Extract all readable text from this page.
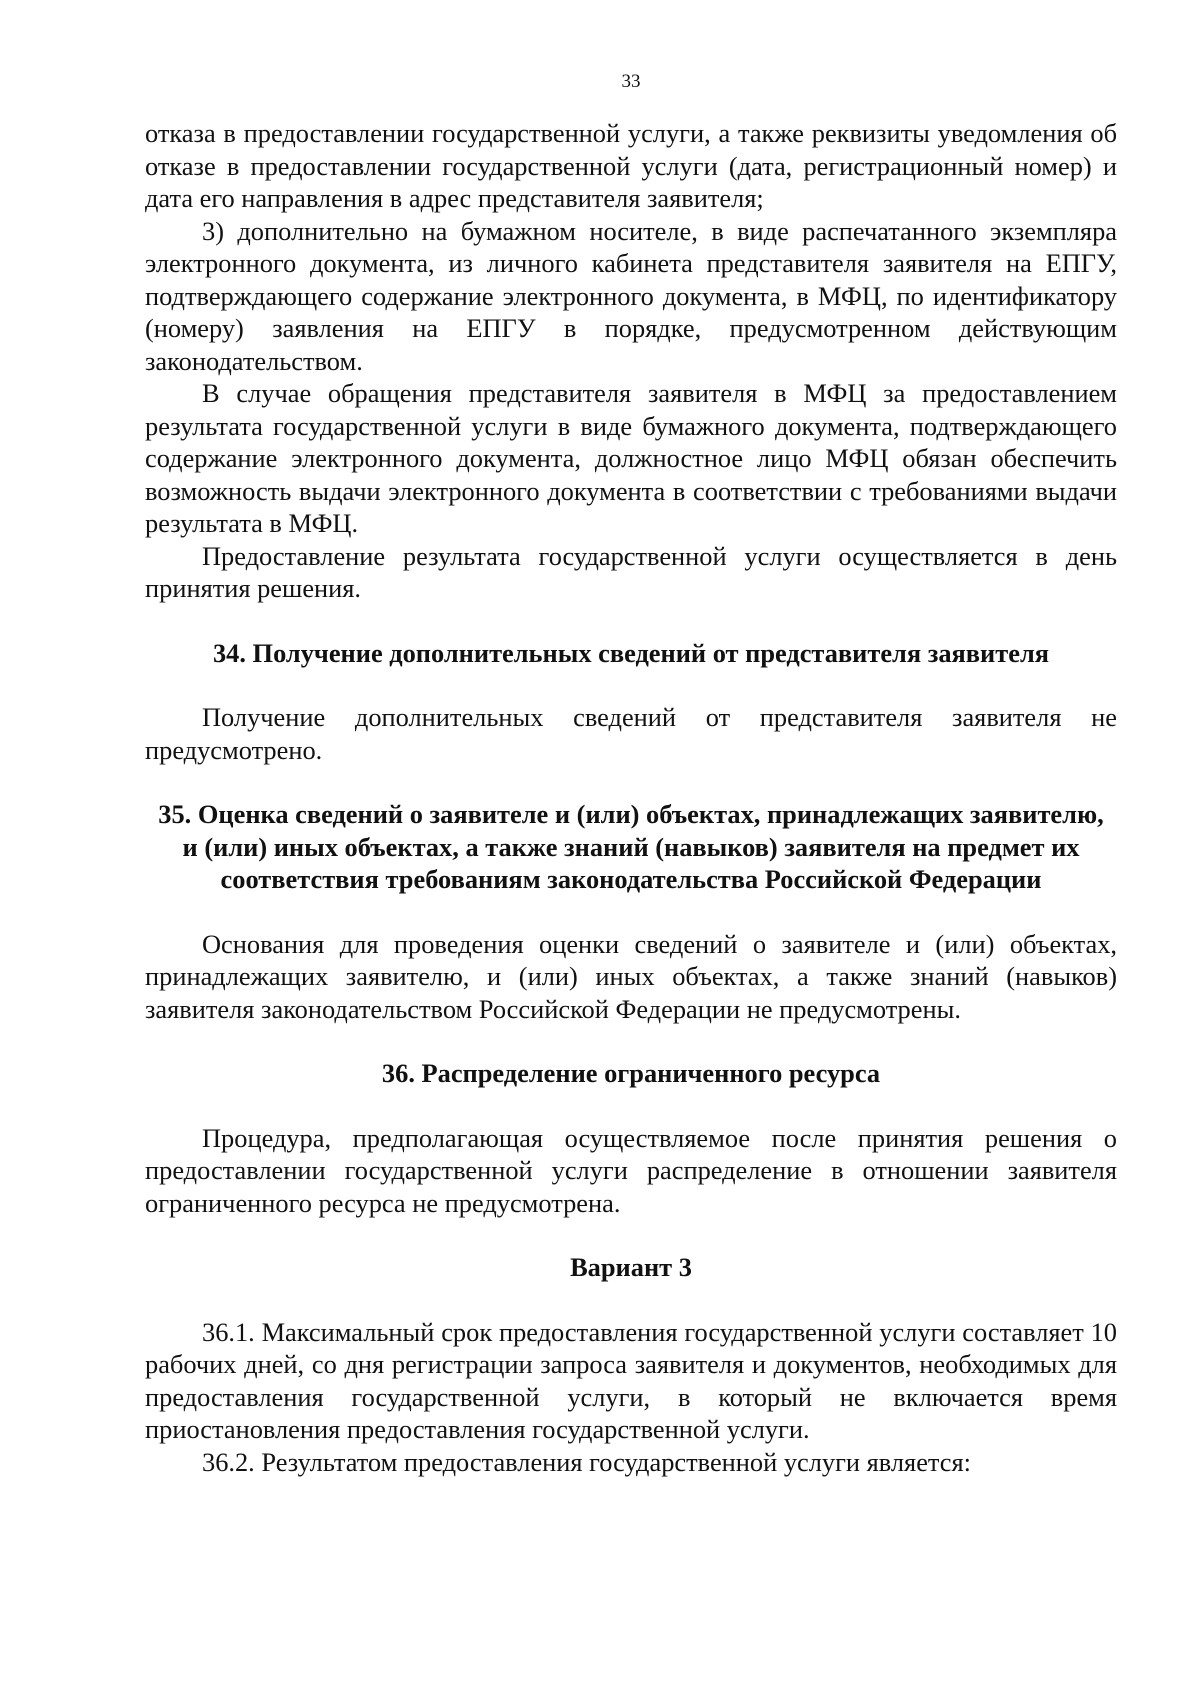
33

отказа в предоставлении государственной услуги, а также реквизиты уведомления об отказе в предоставлении государственной услуги (дата, регистрационный номер) и дата его направления в адрес представителя заявителя;

3) дополнительно на бумажном носителе, в виде распечатанного экземпляра электронного документа, из личного кабинета представителя заявителя на ЕПГУ, подтверждающего содержание электронного документа, в МФЦ, по идентификатору (номеру) заявления на ЕПГУ в порядке, предусмотренном действующим законодательством.

В случае обращения представителя заявителя в МФЦ за предоставлением результата государственной услуги в виде бумажного документа, подтверждающего содержание электронного документа, должностное лицо МФЦ обязан обеспечить возможность выдачи электронного документа в соответствии с требованиями выдачи результата в МФЦ.

Предоставление результата государственной услуги осуществляется в день принятия решения.

34. Получение дополнительных сведений от представителя заявителя

Получение дополнительных сведений от представителя заявителя не предусмотрено.

35. Оценка сведений о заявителе и (или) объектах, принадлежащих заявителю, и (или) иных объектах, а также знаний (навыков) заявителя на предмет их соответствия требованиям законодательства Российской Федерации

Основания для проведения оценки сведений о заявителе и (или) объектах, принадлежащих заявителю, и (или) иных объектах, а также знаний (навыков) заявителя законодательством Российской Федерации не предусмотрены.

36. Распределение ограниченного ресурса

Процедура, предполагающая осуществляемое после принятия решения о предоставлении государственной услуги распределение в отношении заявителя ограниченного ресурса не предусмотрена.

Вариант 3

36.1. Максимальный срок предоставления государственной услуги составляет 10 рабочих дней, со дня регистрации запроса заявителя и документов, необходимых для предоставления государственной услуги, в который не включается время приостановления предоставления государственной услуги.

36.2. Результатом предоставления государственной услуги является:
